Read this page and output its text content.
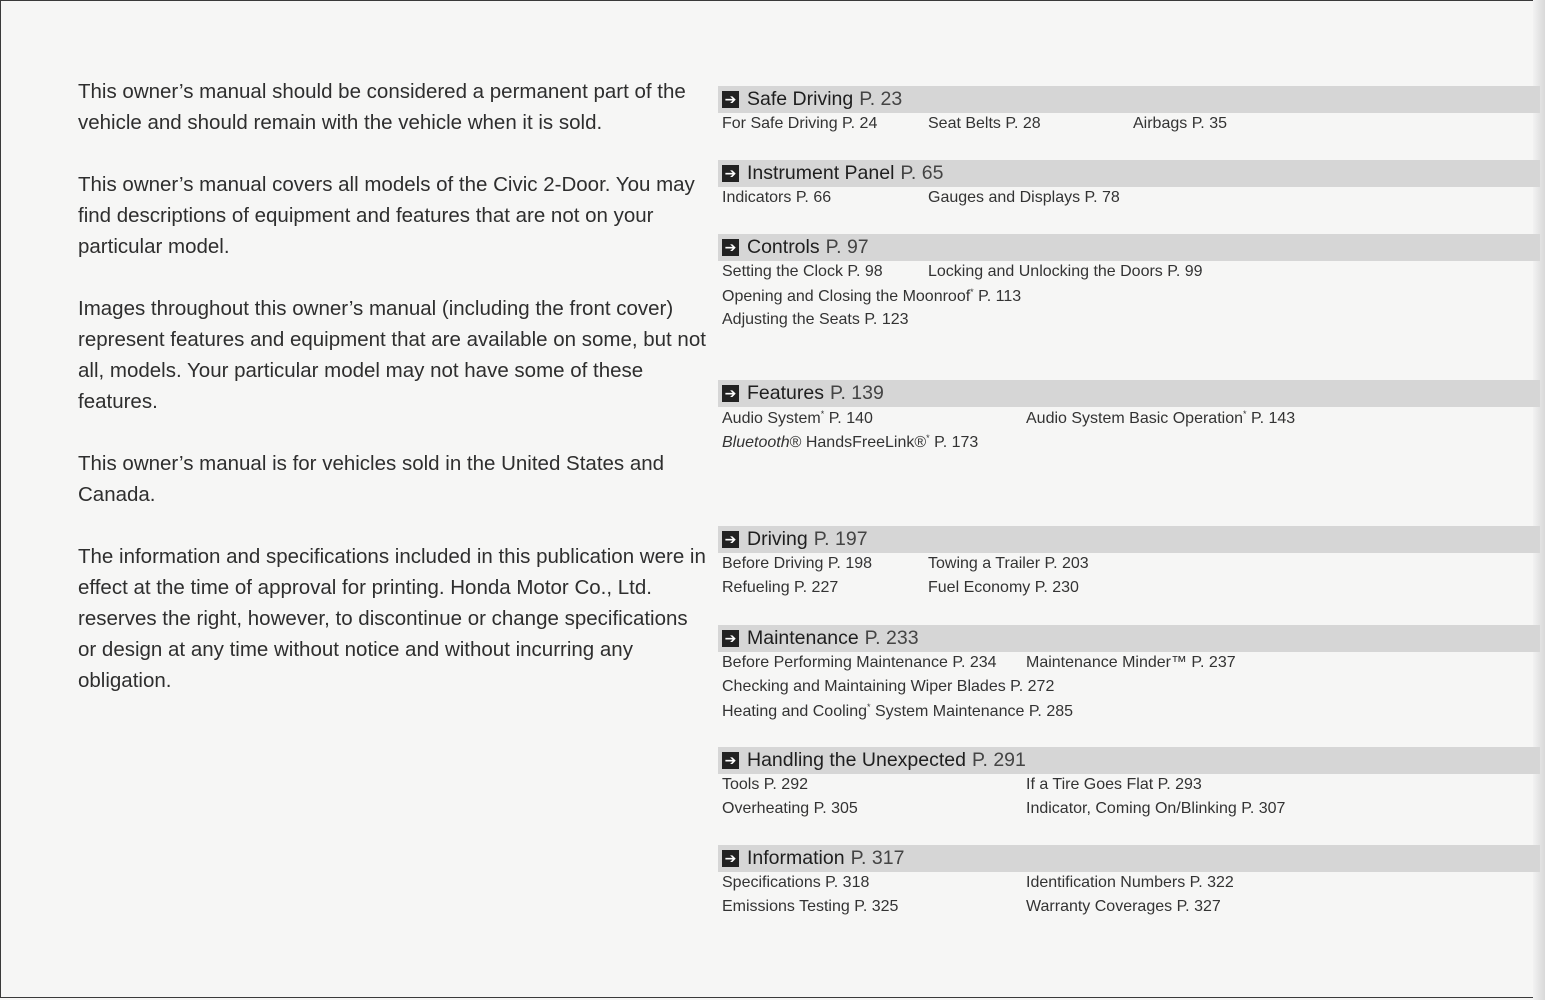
This owner’s manual should be considered a permanent part of the vehicle and should remain with the vehicle when it is sold.

This owner’s manual covers all models of the Civic 2-Door. You may find descriptions of equipment and features that are not on your particular model.

Images throughout this owner’s manual (including the front cover) represent features and equipment that are available on some, but not all, models. Your particular model may not have some of these features.

This owner’s manual is for vehicles sold in the United States and Canada.

The information and specifications included in this publication were in effect at the time of approval for printing. Honda Motor Co., Ltd. reserves the right, however, to discontinue or change specifications or design at any time without notice and without incurring any obligation.

➔ Safe Driving P. 23
For Safe Driving P. 24	Seat Belts P. 28	Airbags P. 35
➔ Instrument Panel P. 65
Indicators P. 66	Gauges and Displays P. 78
➔ Controls P. 97
Setting the Clock P. 98	Locking and Unlocking the Doors P. 99
Opening and Closing the Moonroof* P. 113
Adjusting the Seats P. 123
➔ Features P. 139
Audio System* P. 140	Audio System Basic Operation* P. 143
Bluetooth® HandsFreeLink®* P. 173
➔ Driving P. 197
Before Driving P. 198	Towing a Trailer P. 203
Refueling P. 227	Fuel Economy P. 230
➔ Maintenance P. 233
Before Performing Maintenance P. 234 Maintenance Minder™ P. 237
Checking and Maintaining Wiper Blades P. 272
Heating and Cooling* System Maintenance P. 285
➔ Handling the Unexpected P. 291
Tools P. 292	If a Tire Goes Flat P. 293
Overheating P. 305	Indicator, Coming On/Blinking P. 307
➔ Information P. 317
Specifications P. 318	Identification Numbers P. 322
Emissions Testing P. 325	Warranty Coverages P. 327
